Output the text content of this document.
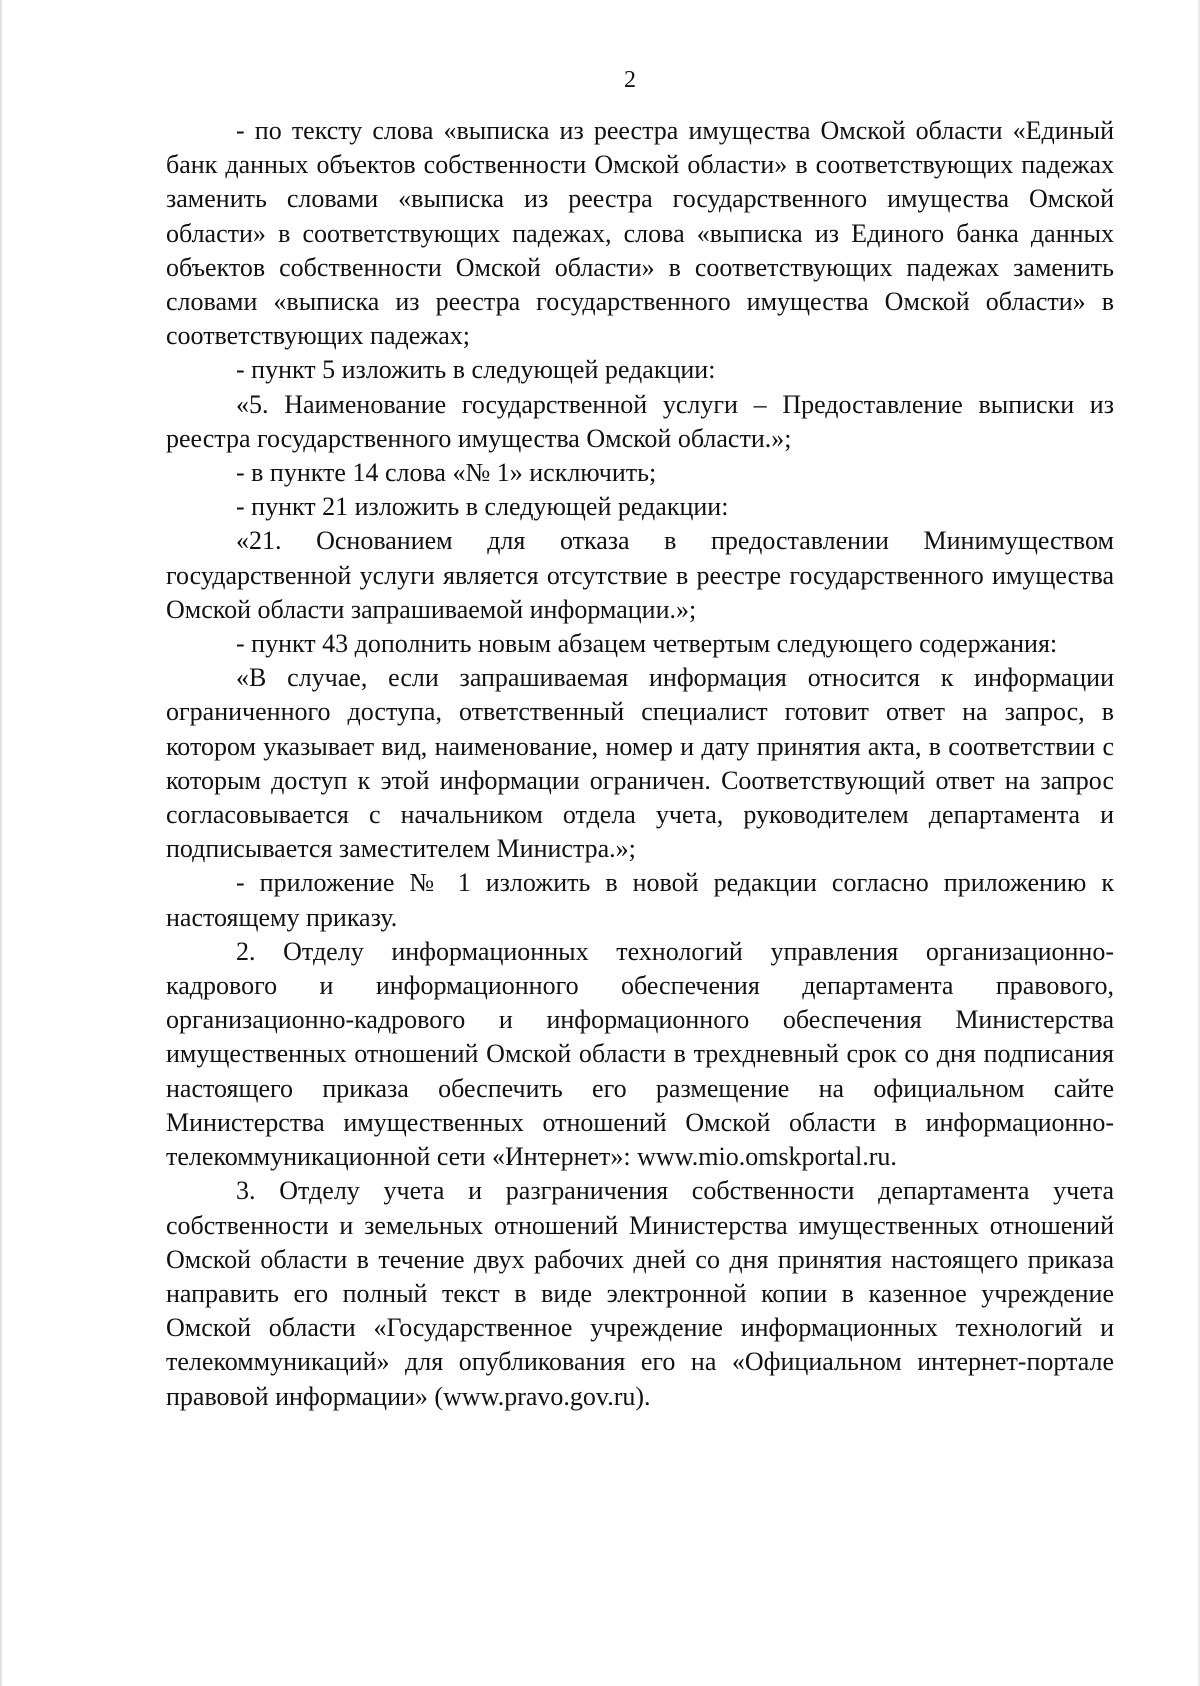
2

- по тексту слова «выписка из реестра имущества Омской области «Единый банк данных объектов собственности Омской области» в соответствующих падежах заменить словами «выписка из реестра государственного имущества Омской области» в соответствующих падежах, слова «выписка из Единого банка данных объектов собственности Омской области» в соответствующих падежах заменить словами «выписка из реестра государственного имущества Омской области» в соответствующих падежах;

- пункт 5 изложить в следующей редакции:

«5. Наименование государственной услуги – Предоставление выписки из реестра государственного имущества Омской области.»;

- в пункте 14 слова «№ 1» исключить;

- пункт 21 изложить в следующей редакции:

«21. Основанием для отказа в предоставлении Минимуществом государственной услуги является отсутствие в реестре государственного имущества Омской области запрашиваемой информации.»;

- пункт 43 дополнить новым абзацем четвертым следующего содержания:

«В случае, если запрашиваемая информация относится к информации ограниченного доступа, ответственный специалист готовит ответ на запрос, в котором указывает вид, наименование, номер и дату принятия акта, в соответствии с которым доступ к этой информации ограничен. Соответствующий ответ на запрос согласовывается с начальником отдела учета, руководителем департамента и подписывается заместителем Министра.»;

- приложение № 1 изложить в новой редакции согласно приложению к настоящему приказу.

2. Отделу информационных технологий управления организационно-кадрового и информационного обеспечения департамента правового, организационно-кадрового и информационного обеспечения Министерства имущественных отношений Омской области в трехдневный срок со дня подписания настоящего приказа обеспечить его размещение на официальном сайте Министерства имущественных отношений Омской области в информационно-телекоммуникационной сети «Интернет»: www.mio.omskportal.ru.

3. Отделу учета и разграничения собственности департамента учета собственности и земельных отношений Министерства имущественных отношений Омской области в течение двух рабочих дней со дня принятия настоящего приказа направить его полный текст в виде электронной копии в казенное учреждение Омской области «Государственное учреждение информационных технологий и телекоммуникаций» для опубликования его на «Официальном интернет-портале правовой информации» (www.pravo.gov.ru).
